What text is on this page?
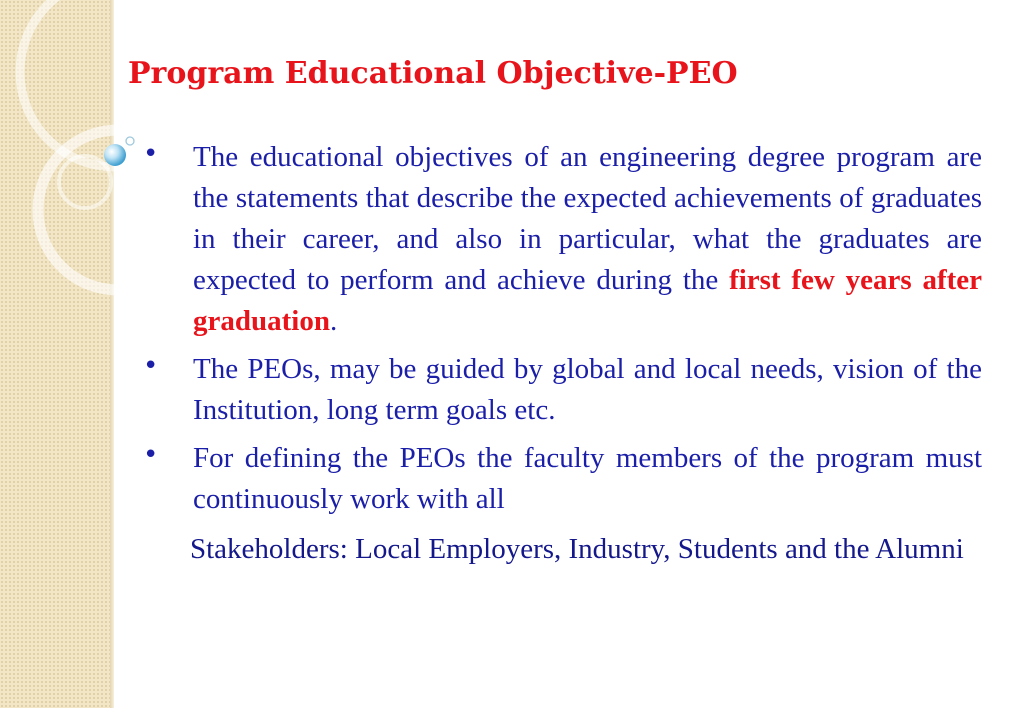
Program Educational Objective-PEO
• The educational objectives of an engineering degree program are the statements that describe the expected achievements of graduates in their career, and also in particular, what the graduates are expected to perform and achieve during the first few years after graduation.
• The PEOs, may be guided by global and local needs, vision of the Institution, long term goals etc.
• For defining the PEOs the faculty members of the program must continuously work with all
Stakeholders: Local Employers, Industry, Students and the Alumni
